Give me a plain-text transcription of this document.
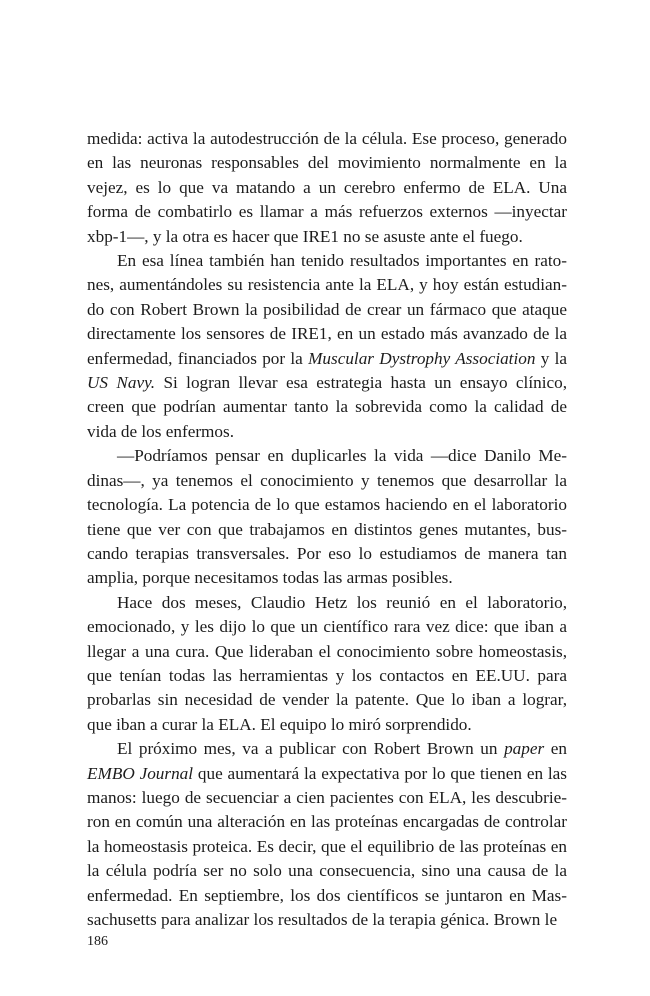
medida: activa la autodestrucción de la célula. Ese proceso, generado en las neuronas responsables del movimiento normalmente en la vejez, es lo que va matando a un cerebro enfermo de ELA. Una forma de combatirlo es llamar a más refuerzos externos —inyectar xbp-1—, y la otra es hacer que IRE1 no se asuste ante el fuego.

En esa línea también han tenido resultados importantes en ratones, aumentándoles su resistencia ante la ELA, y hoy están estudiando con Robert Brown la posibilidad de crear un fármaco que ataque directamente los sensores de IRE1, en un estado más avanzado de la enfermedad, financiados por la Muscular Dystrophy Association y la US Navy. Si logran llevar esa estrategia hasta un ensayo clínico, creen que podrían aumentar tanto la sobrevida como la calidad de vida de los enfermos.

—Podríamos pensar en duplicarles la vida —dice Danilo Medinas—, ya tenemos el conocimiento y tenemos que desarrollar la tecnología. La potencia de lo que estamos haciendo en el laboratorio tiene que ver con que trabajamos en distintos genes mutantes, buscando terapias transversales. Por eso lo estudiamos de manera tan amplia, porque necesitamos todas las armas posibles.

Hace dos meses, Claudio Hetz los reunió en el laboratorio, emocionado, y les dijo lo que un científico rara vez dice: que iban a llegar a una cura. Que lideraban el conocimiento sobre homeostasis, que tenían todas las herramientas y los contactos en EE.UU. para probarlas sin necesidad de vender la patente. Que lo iban a lograr, que iban a curar la ELA. El equipo lo miró sorprendido.

El próximo mes, va a publicar con Robert Brown un paper en EMBO Journal que aumentará la expectativa por lo que tienen en las manos: luego de secuenciar a cien pacientes con ELA, les descubrieron en común una alteración en las proteínas encargadas de controlar la homeostasis proteica. Es decir, que el equilibrio de las proteínas en la célula podría ser no solo una consecuencia, sino una causa de la enfermedad. En septiembre, los dos científicos se juntaron en Massachusetts para analizar los resultados de la terapia génica. Brown le

186
